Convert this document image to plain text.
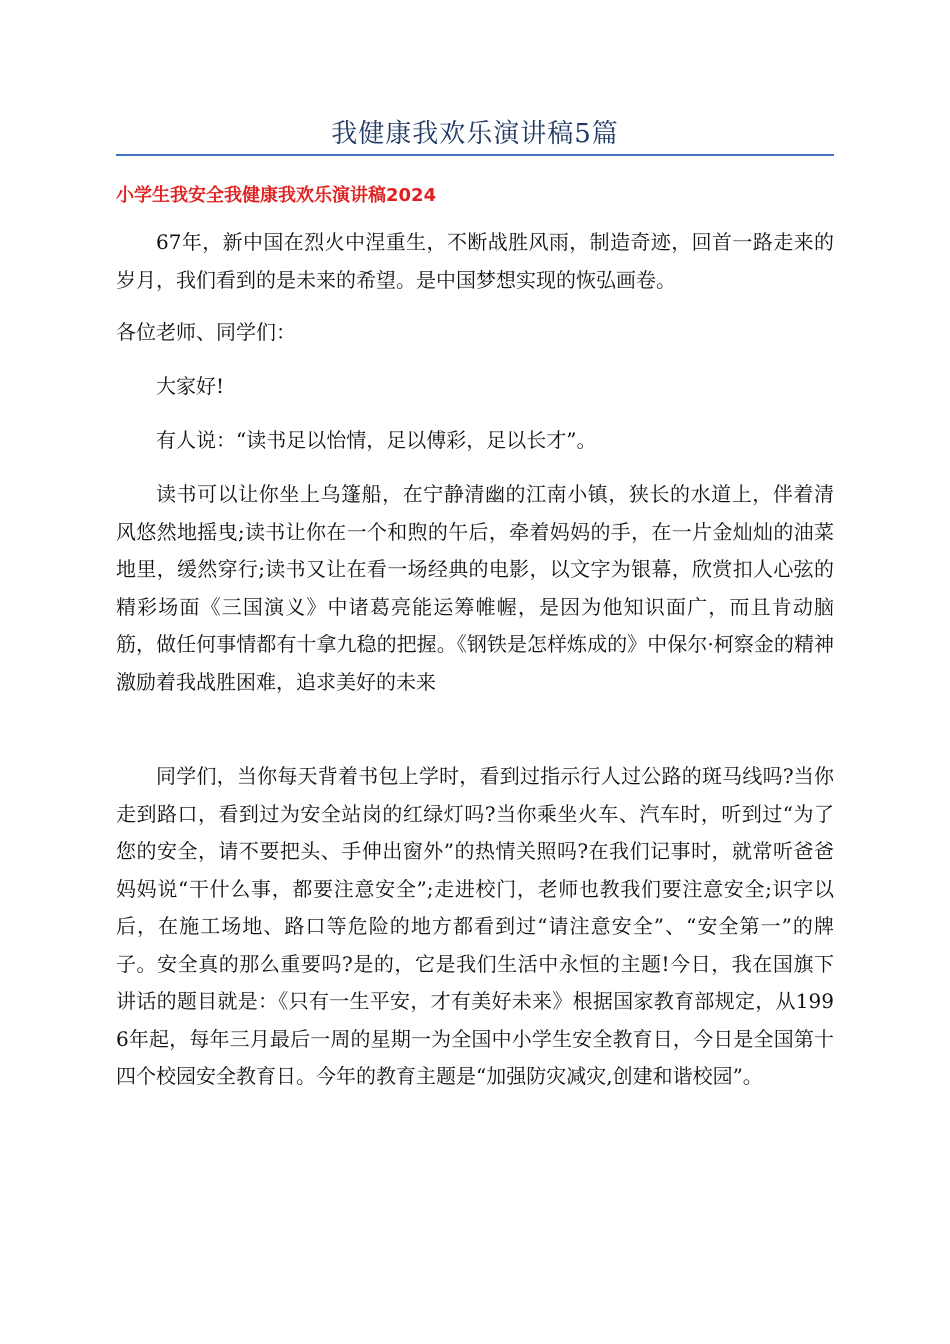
我健康我欢乐演讲稿5篇
小学生我安全我健康我欢乐演讲稿2024

67年，新中国在烈火中涅重生，不断战胜风雨，制造奇迹，回首一路走来的岁月，我们看到的是未来的希望。是中国梦想实现的恢弘画卷。

各位老师、同学们：

大家好!

有人说：“读书足以怡情，足以傅彩，足以长才”。

读书可以让你坐上乌篷船，在宁静清幽的江南小镇，狭长的水道上，伴着清风悠然地摇曳;读书让你在一个和煦的午后，牵着妈妈的手，在一片金灿灿的油菜地里，缓然穿行;读书又让在看一场经典的电影，以文字为银幕，欣赏扣人心弦的精彩场面《三国演义》中诸葛亮能运筹帷幄，是因为他知识面广，而且肯动脑筋，做任何事情都有十拿九稳的把握。《钢铁是怎样炼成的》中保尔·柯察金的精神激励着我战胜困难，追求美好的未来

同学们，当你每天背着书包上学时，看到过指示行人过公路的斑马线吗?当你走到路口，看到过为安全站岗的红绿灯吗?当你乘坐火车、汽车时，听到过“为了您的安全，请不要把头、手伸出窗外”的热情关照吗?在我们记事时，就常听爸爸妈妈说“干什么事，都要注意安全”;走进校门，老师也教我们要注意安全;识字以后，在施工场地、路口等危险的地方都看到过“请注意安全”、“安全第一”的牌子。安全真的那么重要吗?是的，它是我们生活中永恒的主题!今日，我在国旗下讲话的题目就是：《只有一生平安，才有美好未来》根据国家教育部规定，从1996年起，每年三月最后一周的星期一为全国中小学生安全教育日，今日是全国第十四个校园安全教育日。今年的教育主题是“加强防灾减灾,创建和谐校园”。
